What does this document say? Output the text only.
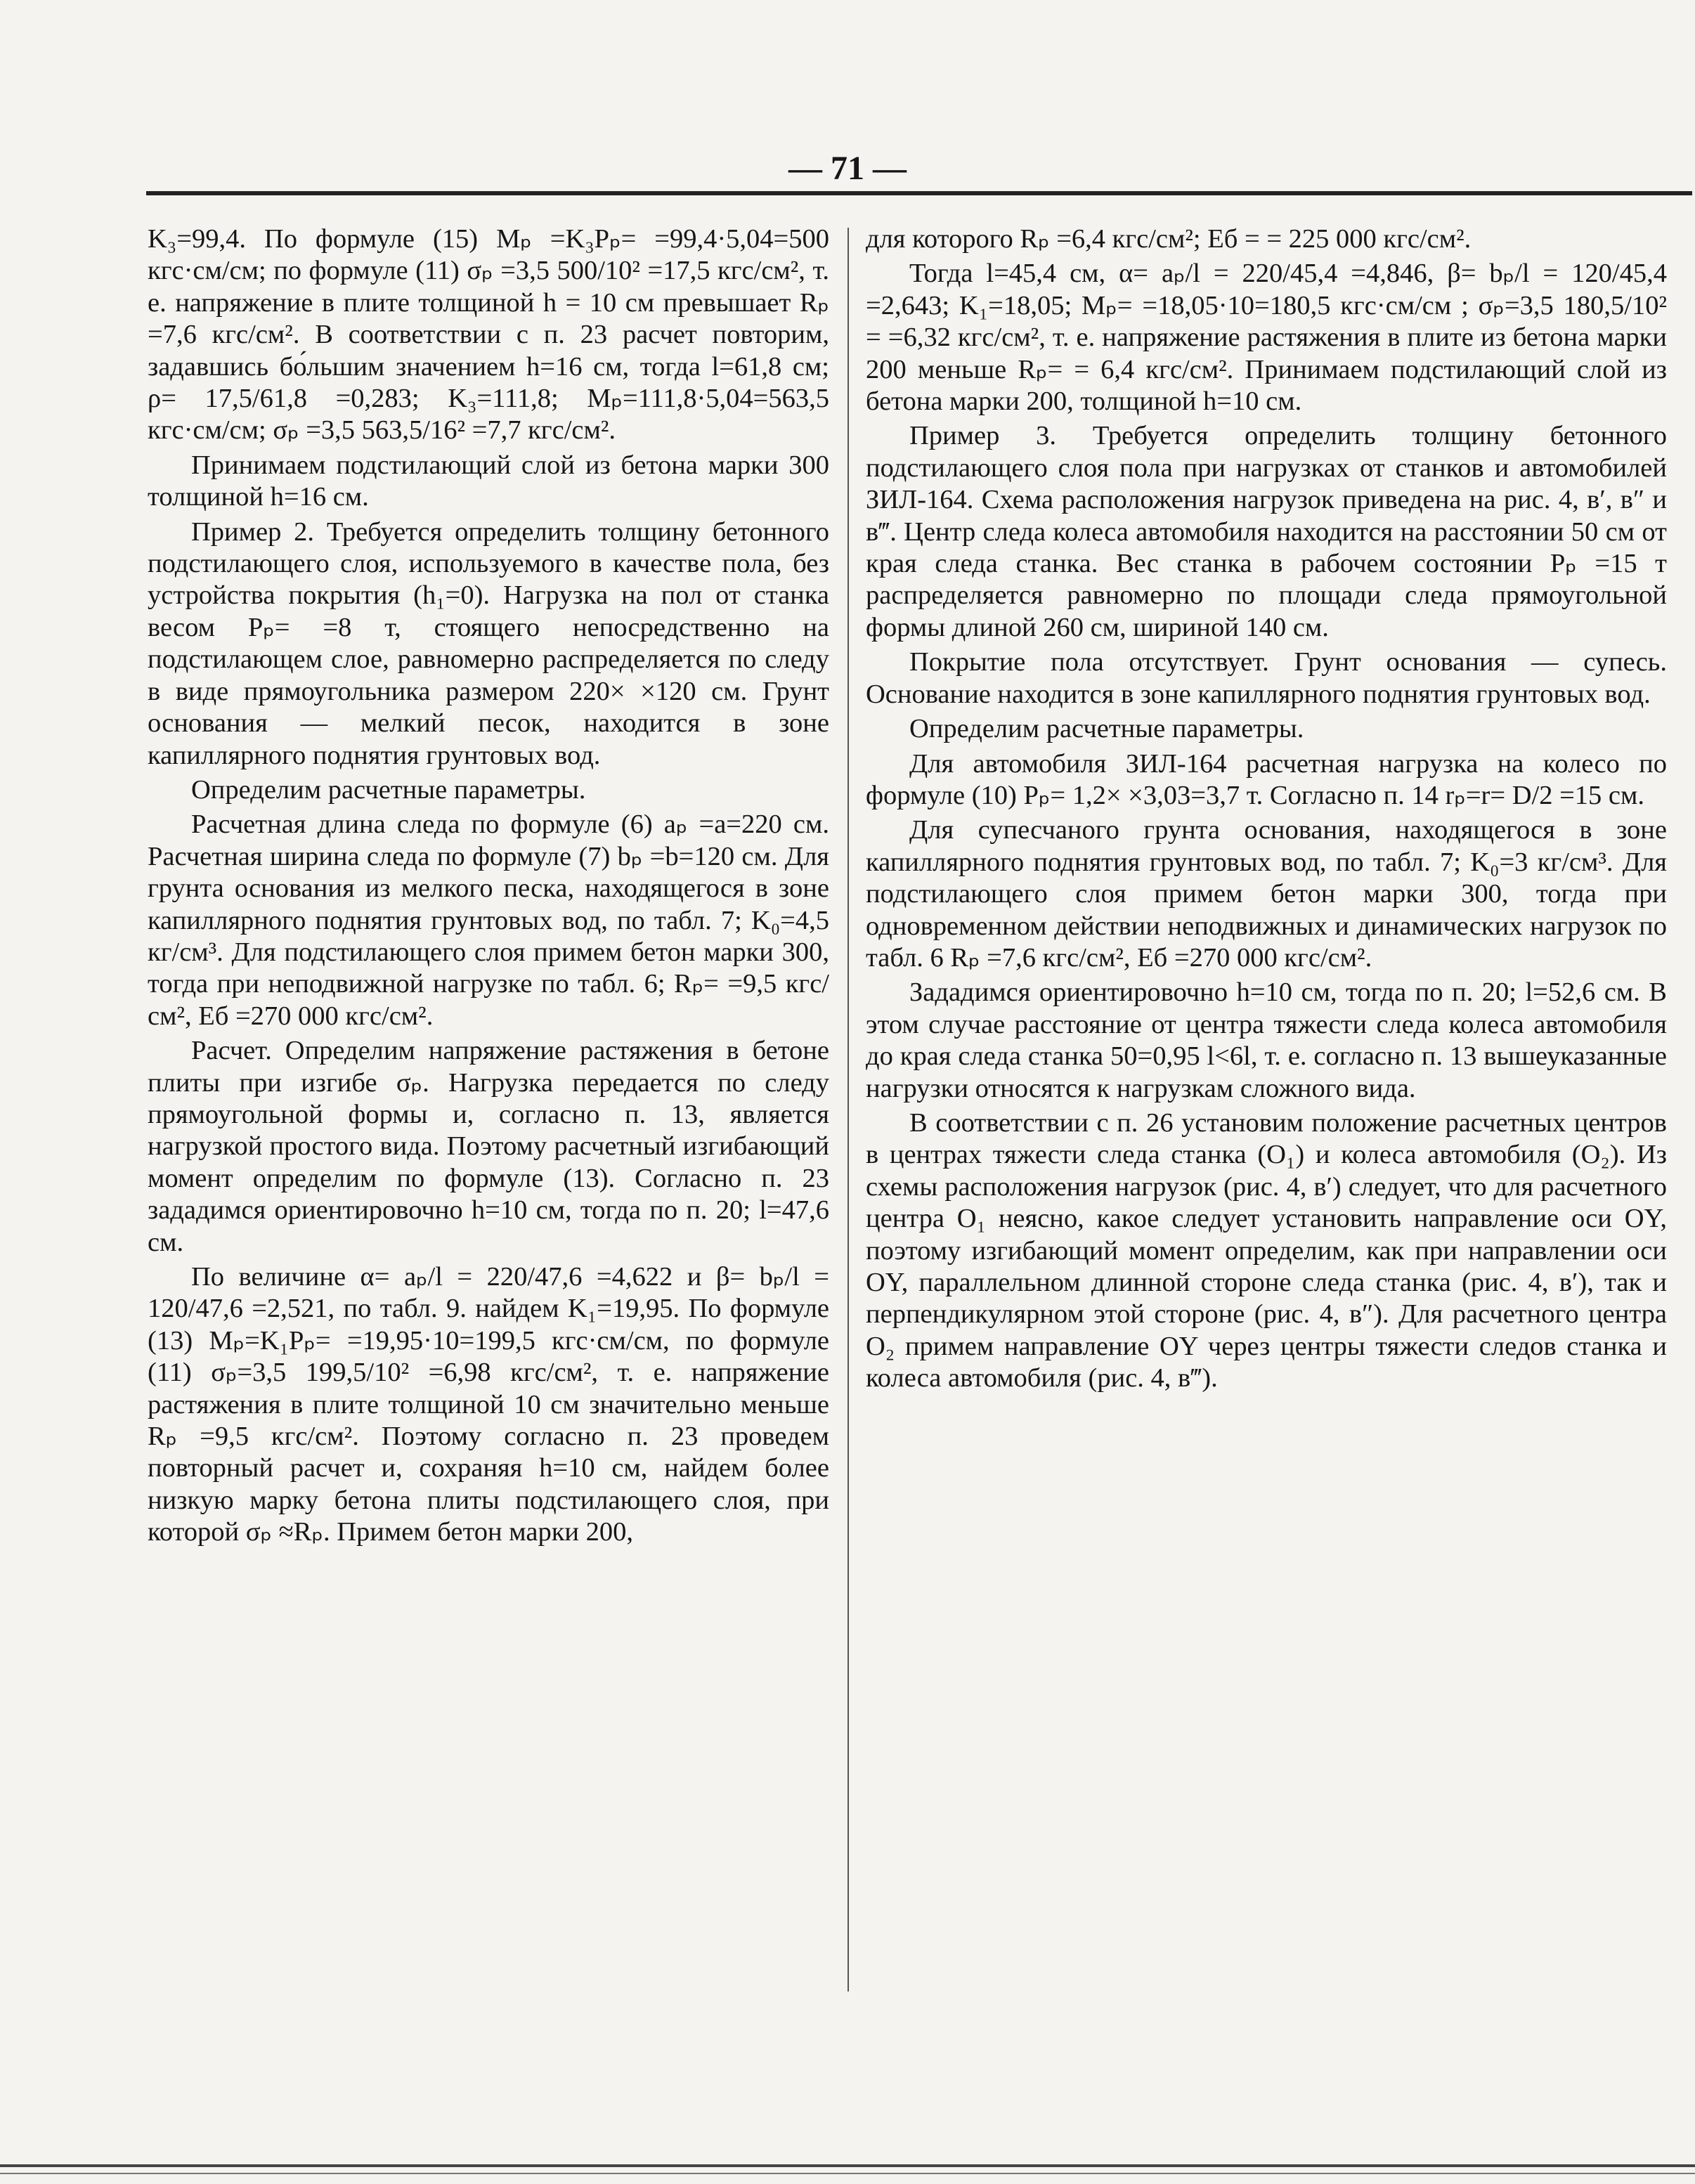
— 71 —

K₃=99,4. По формуле (15) Mₚ =K₃Pₚ= =99,4·5,04=500 кгс·см/см; по формуле (11) σₚ =3,5 500/10² =17,5 кгс/см², т. е. напряжение в плите толщиной h = 10 см превышает Rₚ =7,6 кгс/см². В соответствии с п. 23 расчет повторим, задавшись бо́льшим значением h=16 см, тогда l=61,8 см; ρ= 17,5/61,8 =0,283; K₃=111,8; Mₚ=111,8·5,04=563,5 кгс·см/см; σₚ =3,5 563,5/16² =7,7 кгс/см².

Принимаем подстилающий слой из бетона марки 300 толщиной h=16 см.

Пример 2. Требуется определить толщину бетонного подстилающего слоя, используемого в качестве пола, без устройства покрытия (h₁=0). Нагрузка на пол от станка весом Pₚ= =8 т, стоящего непосредственно на подстилающем слое, равномерно распределяется по следу в виде прямоугольника размером 220× ×120 см. Грунт основания — мелкий песок, находится в зоне капиллярного поднятия грунтовых вод.

Определим расчетные параметры.

Расчетная длина следа по формуле (6) aₚ =a=220 см. Расчетная ширина следа по формуле (7) bₚ =b=120 см. Для грунта основания из мелкого песка, находящегося в зоне капиллярного поднятия грунтовых вод, по табл. 7; K₀=4,5 кг/см³. Для подстилающего слоя примем бетон марки 300, тогда при неподвижной нагрузке по табл. 6; Rₚ= =9,5 кгс/см², Eб =270 000 кгс/см².

Расчет. Определим напряжение растяжения в бетоне плиты при изгибе σₚ. Нагрузка передается по следу прямоугольной формы и, согласно п. 13, является нагрузкой простого вида. Поэтому расчетный изгибающий момент определим по формуле (13). Согласно п. 23 зададимся ориентировочно h=10 см, тогда по п. 20; l=47,6 см.

По величине α= aₚ/l = 220/47,6 =4,622 и β= bₚ/l = 120/47,6 =2,521, по табл. 9. найдем K₁=19,95. По формуле (13) Mₚ=K₁Pₚ= =19,95·10=199,5 кгс·см/см, по формуле (11) σₚ=3,5 199,5/10² =6,98 кгс/см², т. е. напряжение растяжения в плите толщиной 10 см значительно меньше Rₚ =9,5 кгс/см². Поэтому согласно п. 23 проведем повторный расчет и, сохраняя h=10 см, найдем более низкую марку бетона плиты подстилающего слоя, при которой σₚ ≈Rₚ. Примем бетон марки 200,

для которого Rₚ =6,4 кгс/см²; Eб = = 225 000 кгс/см².

Тогда l=45,4 см, α= aₚ/l = 220/45,4 =4,846, β= bₚ/l = 120/45,4 =2,643; K₁=18,05; Mₚ= =18,05·10=180,5 кгс·см/см ; σₚ=3,5 180,5/10² = =6,32 кгс/см², т. е. напряжение растяжения в плите из бетона марки 200 меньше Rₚ= = 6,4 кгс/см². Принимаем подстилающий слой из бетона марки 200, толщиной h=10 см.

Пример 3. Требуется определить толщину бетонного подстилающего слоя пола при нагрузках от станков и автомобилей ЗИЛ-164. Схема расположения нагрузок приведена на рис. 4, в′, в″ и в‴. Центр следа колеса автомобиля находится на расстоянии 50 см от края следа станка. Вес станка в рабочем состоянии Pₚ =15 т распределяется равномерно по площади следа прямоугольной формы длиной 260 см, шириной 140 см.

Покрытие пола отсутствует. Грунт основания — супесь. Основание находится в зоне капиллярного поднятия грунтовых вод.

Определим расчетные параметры.

Для автомобиля ЗИЛ-164 расчетная нагрузка на колесо по формуле (10) Pₚ= 1,2× ×3,03=3,7 т. Согласно п. 14 rₚ=r= D/2 =15 см.

Для супесчаного грунта основания, находящегося в зоне капиллярного поднятия грунтовых вод, по табл. 7; K₀=3 кг/см³. Для подстилающего слоя примем бетон марки 300, тогда при одновременном действии неподвижных и динамических нагрузок по табл. 6 Rₚ =7,6 кгс/см², Eб =270 000 кгс/см².

Зададимся ориентировочно h=10 см, тогда по п. 20; l=52,6 см. В этом случае расстояние от центра тяжести следа колеса автомобиля до края следа станка 50=0,95 l<6l, т. е. согласно п. 13 вышеуказанные нагрузки относятся к нагрузкам сложного вида.

В соответствии с п. 26 установим положение расчетных центров в центрах тяжести следа станка (O₁) и колеса автомобиля (O₂). Из схемы расположения нагрузок (рис. 4, в′) следует, что для расчетного центра O₁ неясно, какое следует установить направление оси OY, поэтому изгибающий момент определим, как при направлении оси OY, параллельном длинной стороне следа станка (рис. 4, в′), так и перпендикулярном этой стороне (рис. 4, в″). Для расчетного центра O₂ примем направление OY через центры тяжести следов станка и колеса автомобиля (рис. 4, в‴).
